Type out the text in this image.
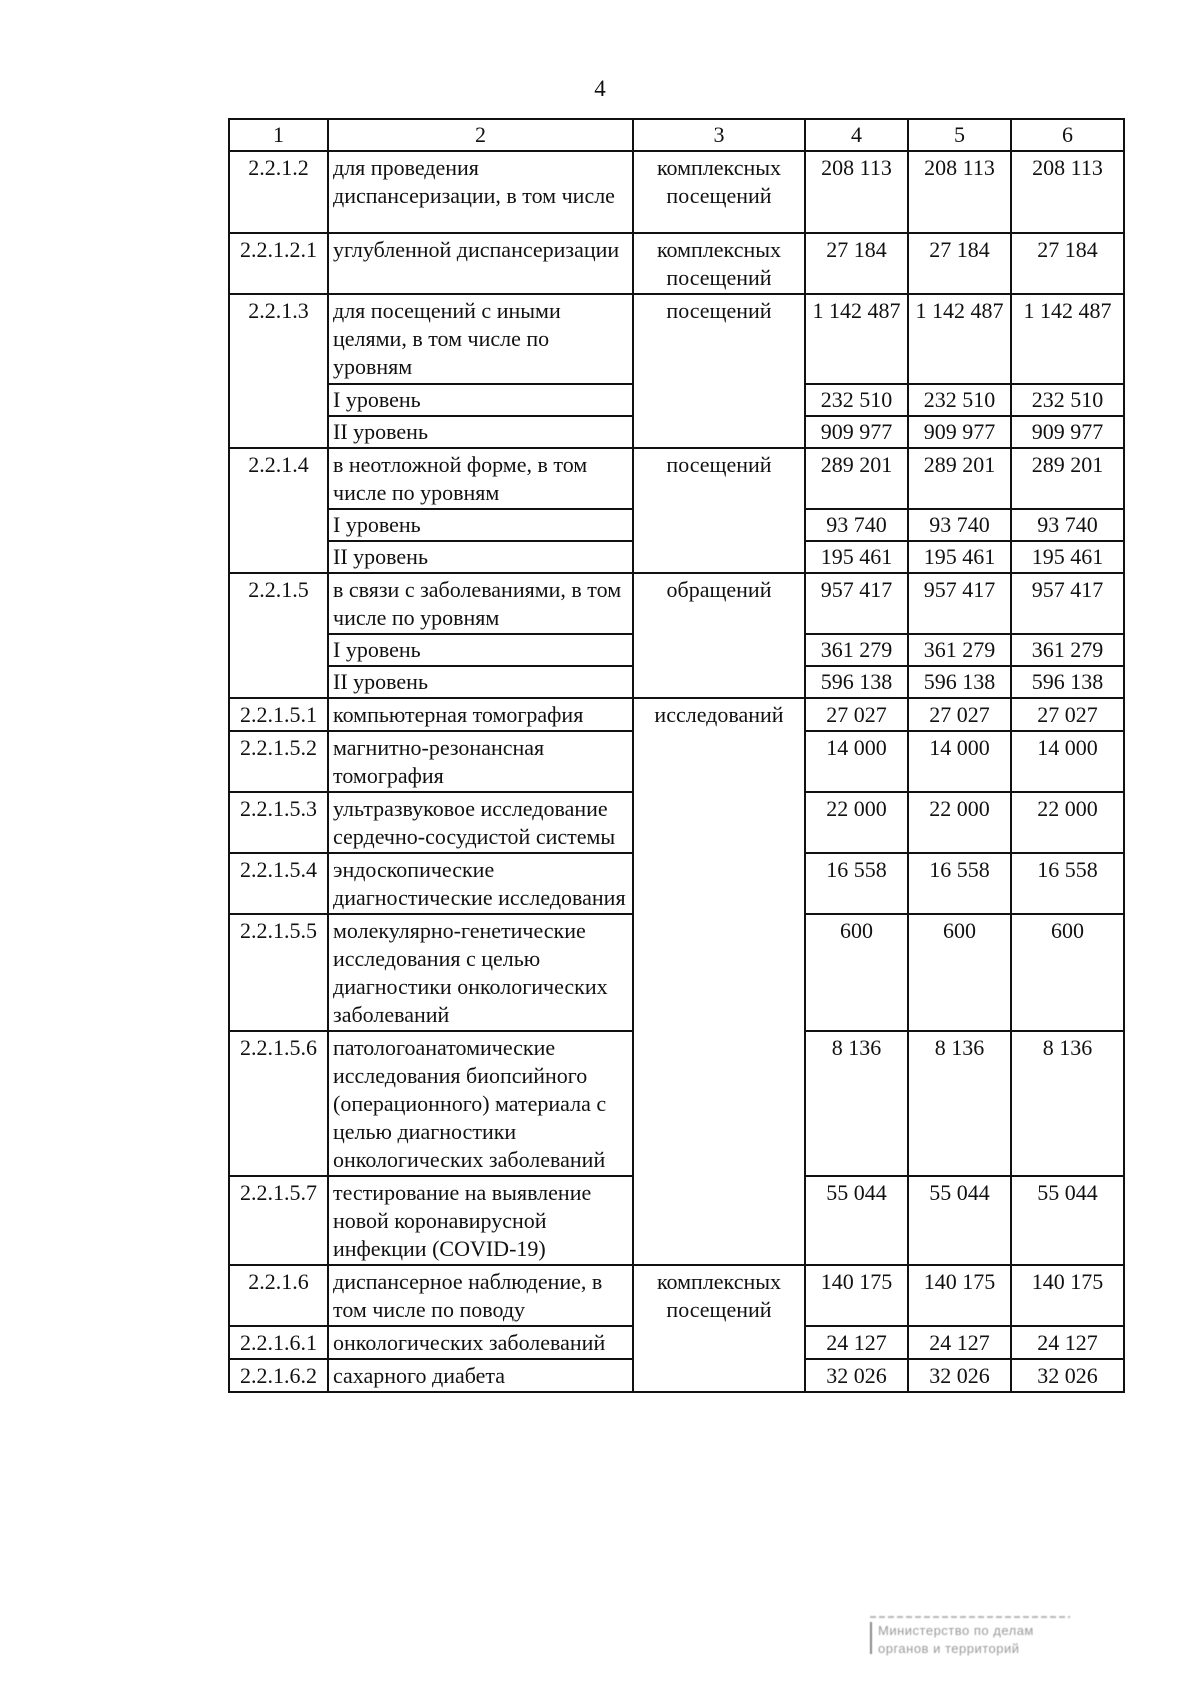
4
1	2	3	4	5	6
2.2.1.2	для проведения диспансеризации, в том числе	комплексных посещений	208 113	208 113	208 113
2.2.1.2.1	углубленной диспансеризации	комплексных посещений	27 184	27 184	27 184
2.2.1.3	для посещений с иными целями, в том числе по уровням	посещений	1 142 487	1 142 487	1 142 487
	I уровень		232 510	232 510	232 510
	II уровень		909 977	909 977	909 977
2.2.1.4	в неотложной форме, в том числе по уровням	посещений	289 201	289 201	289 201
	I уровень		93 740	93 740	93 740
	II уровень		195 461	195 461	195 461
2.2.1.5	в связи с заболеваниями, в том числе по уровням	обращений	957 417	957 417	957 417
	I уровень		361 279	361 279	361 279
	II уровень		596 138	596 138	596 138
2.2.1.5.1	компьютерная томография	исследований	27 027	27 027	27 027
2.2.1.5.2	магнитно-резонансная томография		14 000	14 000	14 000
2.2.1.5.3	ультразвуковое исследование сердечно-сосудистой системы		22 000	22 000	22 000
2.2.1.5.4	эндоскопические диагностические исследования		16 558	16 558	16 558
2.2.1.5.5	молекулярно-генетические исследования с целью диагностики онкологических заболеваний		600	600	600
2.2.1.5.6	патологоанатомические исследования биопсийного (операционного) материала с целью диагностики онкологических заболеваний		8 136	8 136	8 136
2.2.1.5.7	тестирование на выявление новой коронавирусной инфекции (COVID-19)		55 044	55 044	55 044
2.2.1.6	диспансерное наблюдение, в том числе по поводу	комплексных посещений	140 175	140 175	140 175
2.2.1.6.1	онкологических заболеваний		24 127	24 127	24 127
2.2.1.6.2	сахарного диабета		32 026	32 026	32 026
Министерство по делам
органов и территорий
